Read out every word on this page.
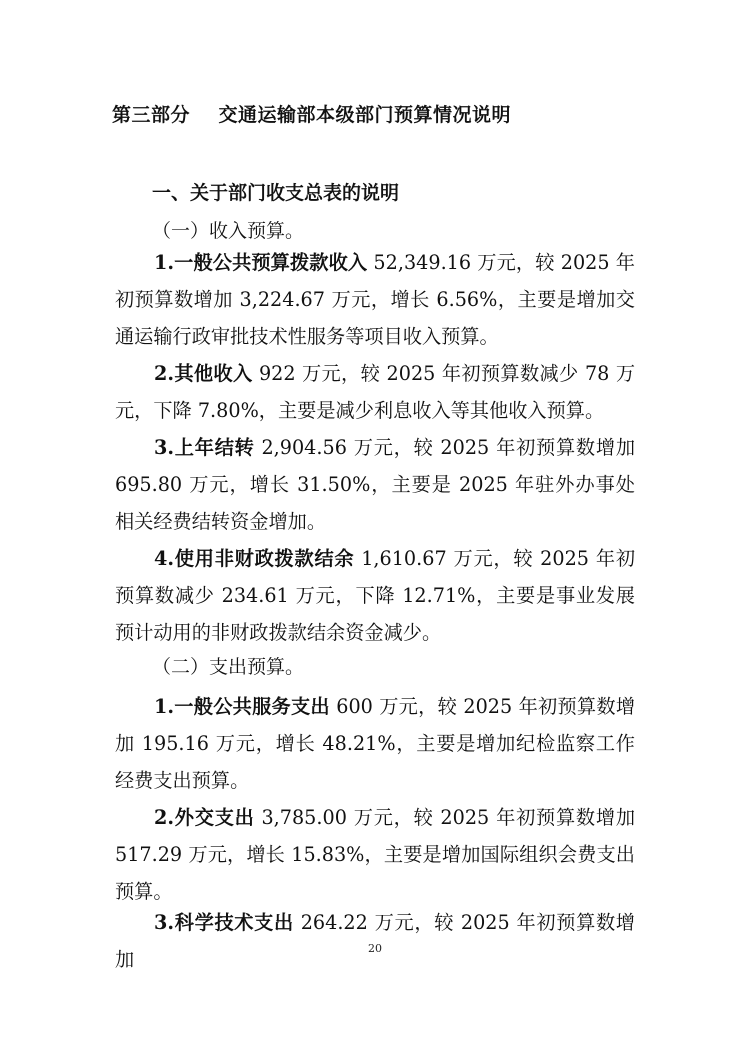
第三部分    交通运输部本级部门预算情况说明
一、关于部门收支总表的说明
（一）收入预算。

1.一般公共预算拨款收入 52,349.16 万元，较 2025 年初预算数增加 3,224.67 万元，增长 6.56%，主要是增加交通运输行政审批技术性服务等项目收入预算。

2.其他收入 922 万元，较 2025 年初预算数减少 78 万元，下降 7.80%，主要是减少利息收入等其他收入预算。

3.上年结转 2,904.56 万元，较 2025 年初预算数增加 695.80 万元，增长 31.50%，主要是 2025 年驻外办事处相关经费结转资金增加。

4.使用非财政拨款结余 1,610.67 万元，较 2025 年初预算数减少 234.61 万元，下降 12.71%，主要是事业发展预计动用的非财政拨款结余资金减少。

（二）支出预算。

1.一般公共服务支出 600 万元，较 2025 年初预算数增加 195.16 万元，增长 48.21%，主要是增加纪检监察工作经费支出预算。

2.外交支出 3,785.00 万元，较 2025 年初预算数增加 517.29 万元，增长 15.83%，主要是增加国际组织会费支出预算。

3.科学技术支出 264.22 万元，较 2025 年初预算数增加	20
